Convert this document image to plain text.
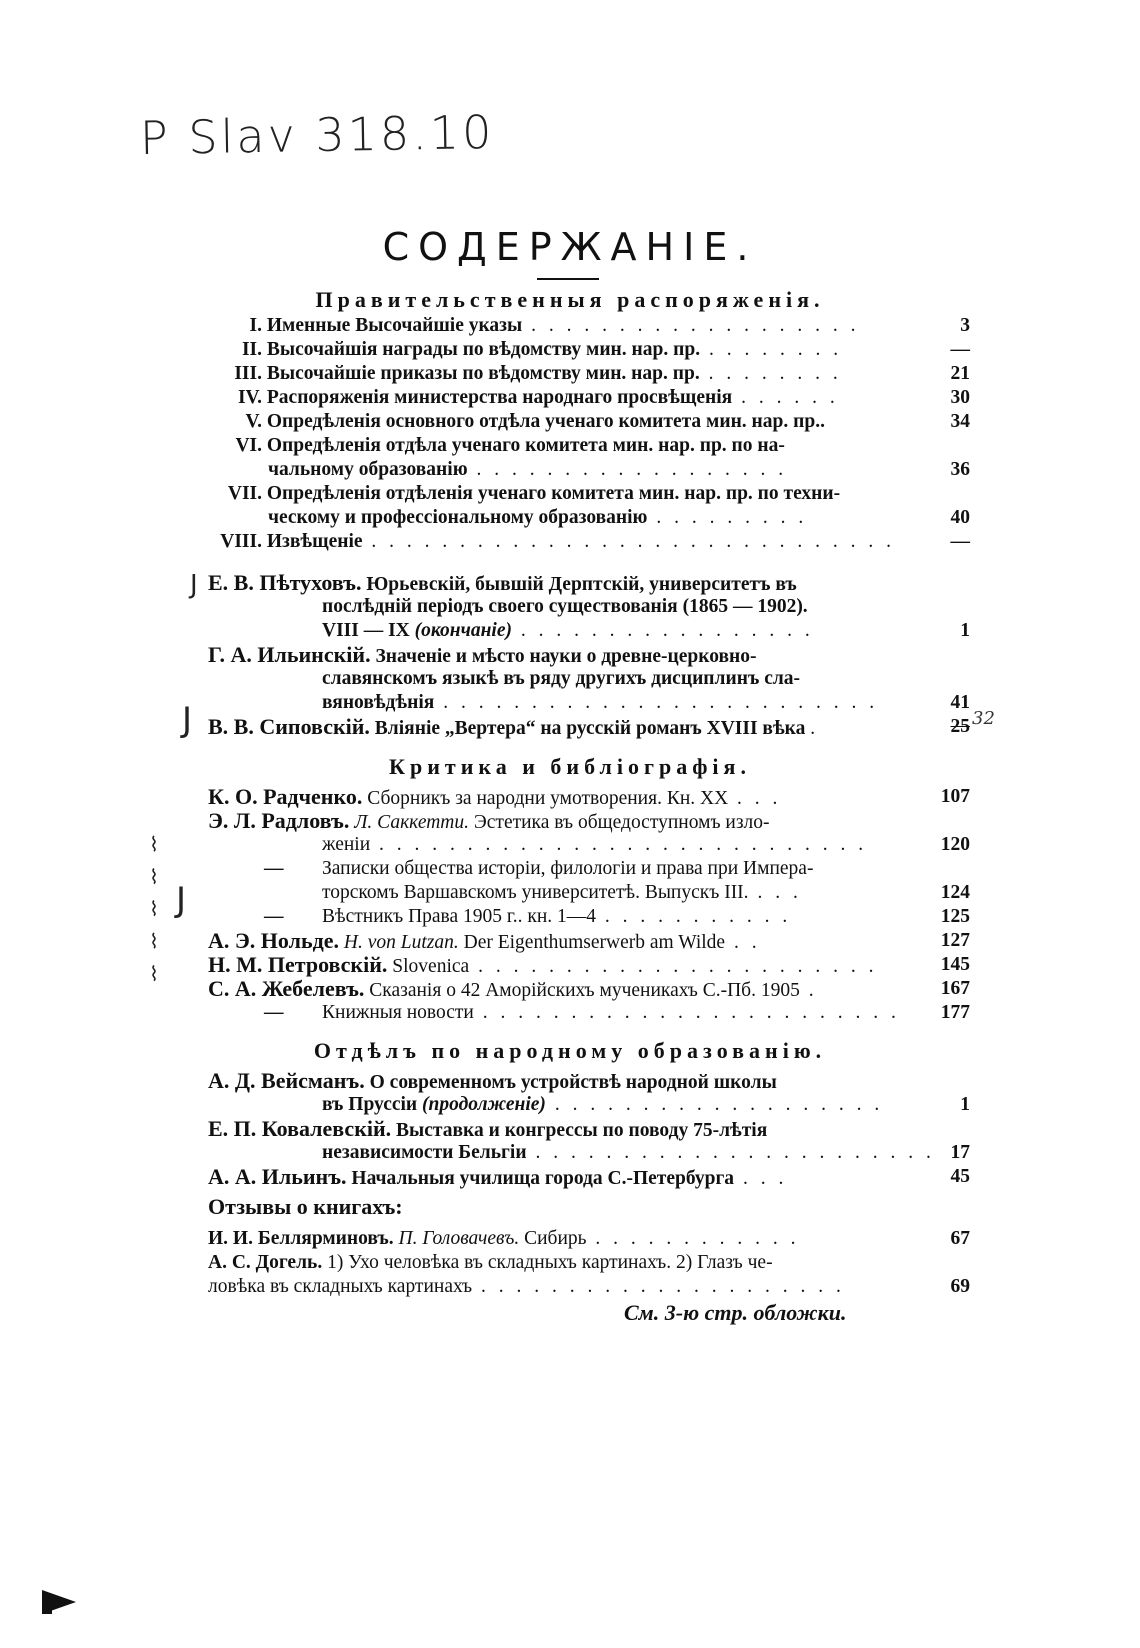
P Slav 318.10
СОДЕРЖАНІЕ.
Правительственныя распоряженія.
I. Именные Высочайшіе указы . . . . . . . . . . . . . . . . . . .	3
II. Высочайшія награды по вѣдомству мин. нар. пр. . . . . . . . .	—
III. Высочайшіе приказы по вѣдомству мин. нар. пр. . . . . . . . .	21
IV. Распоряженія министерства народнаго просвѣщенія . . . . . .	30
V. Опредѣленія основного отдѣла ученаго комитета мин. нар. пр..	34
VI. Опредѣленія отдѣла ученаго комитета мин. нар. пр. по на-
чальному образованію . . . . . . . . . . . . . . . . . .	36
VII. Опредѣленія отдѣленія ученаго комитета мин. нар. пр. по техни-
ческому и профессіональному образованію . . . . . . . . .	40
VIII. Извѣщеніе . . . . . . . . . . . . . . . . . . . . . . . . . . . . . .	—
J Е. В. Пѣтуховъ. Юрьевскій, бывшій Дерптскій, университетъ въ
послѣдній періодъ своего существованія (1865 — 1902).
VIII — IX (окончаніе) . . . . . . . . . . . . . . . . .	1
Г. А. Ильинскій. Значеніе и мѣсто науки о древне-церковно-
славянскомъ языкѣ въ ряду другихъ дисциплинъ сла-
вяновѣдѣнія . . . . . . . . . . . . . . . . . . . . . . . . .	41
J В. В. Сиповскій. Вліяніе „Вертера“ на русскій романъ XVIII вѣка .	25 32
Критика и библіографія.
К. О. Радченко. Сборникъ за народни умотворения. Кн. XX . . .	107
Э. Л. Радловъ. Л. Саккетти. Эстетика въ общедоступномъ изло-
женіи . . . . . . . . . . . . . . . . . . . . . . . . . . . .	120
— Записки общества исторіи, филологіи и права при Импера-
торскомъ Варшавскомъ университетѣ. Выпускъ III. . . .	124
— Вѣстникъ Права 1905 г.. кн. 1—4 . . . . . . . . . . .	125
А. Э. Нольде. H. von Lutzan. Der Eigenthumserwerb am Wilde . .	127
Н. М. Петровскій. Slovenica . . . . . . . . . . . . . . . . . . . . . . .	145
С. А. Жебелевъ. Сказанія о 42 Аморійскихъ мученикахъ С.-Пб. 1905 .	167
— Книжныя новости . . . . . . . . . . . . . . . . . . . . . . . .	177
⌇ ⌇ ⌇ ⌇ ⌇ J
Отдѣлъ по народному образованію.
А. Д. Вейсманъ. О современномъ устройствѣ народной школы
въ Пруссіи (продолженіе) . . . . . . . . . . . . . . . . . . .	1
Е. П. Ковалевскій. Выставка и конгрессы по поводу 75-лѣтія
независимости Бельгіи . . . . . . . . . . . . . . . . . . . . . . . 17
А. А. Ильинъ. Начальныя училища города С.-Петербурга . . .	45
Отзывы о книгахъ:
И. И. Беллярминовъ. П. Головачевъ. Сибирь . . . . . . . . . . . .	67
А. С. Догель. 1) Ухо человѣка въ складныхъ картинахъ. 2) Глазъ че-
ловѣка въ складныхъ картинахъ . . . . . . . . . . . . . . . . . . . . .	69
См. 3-ю стр. обложки.
